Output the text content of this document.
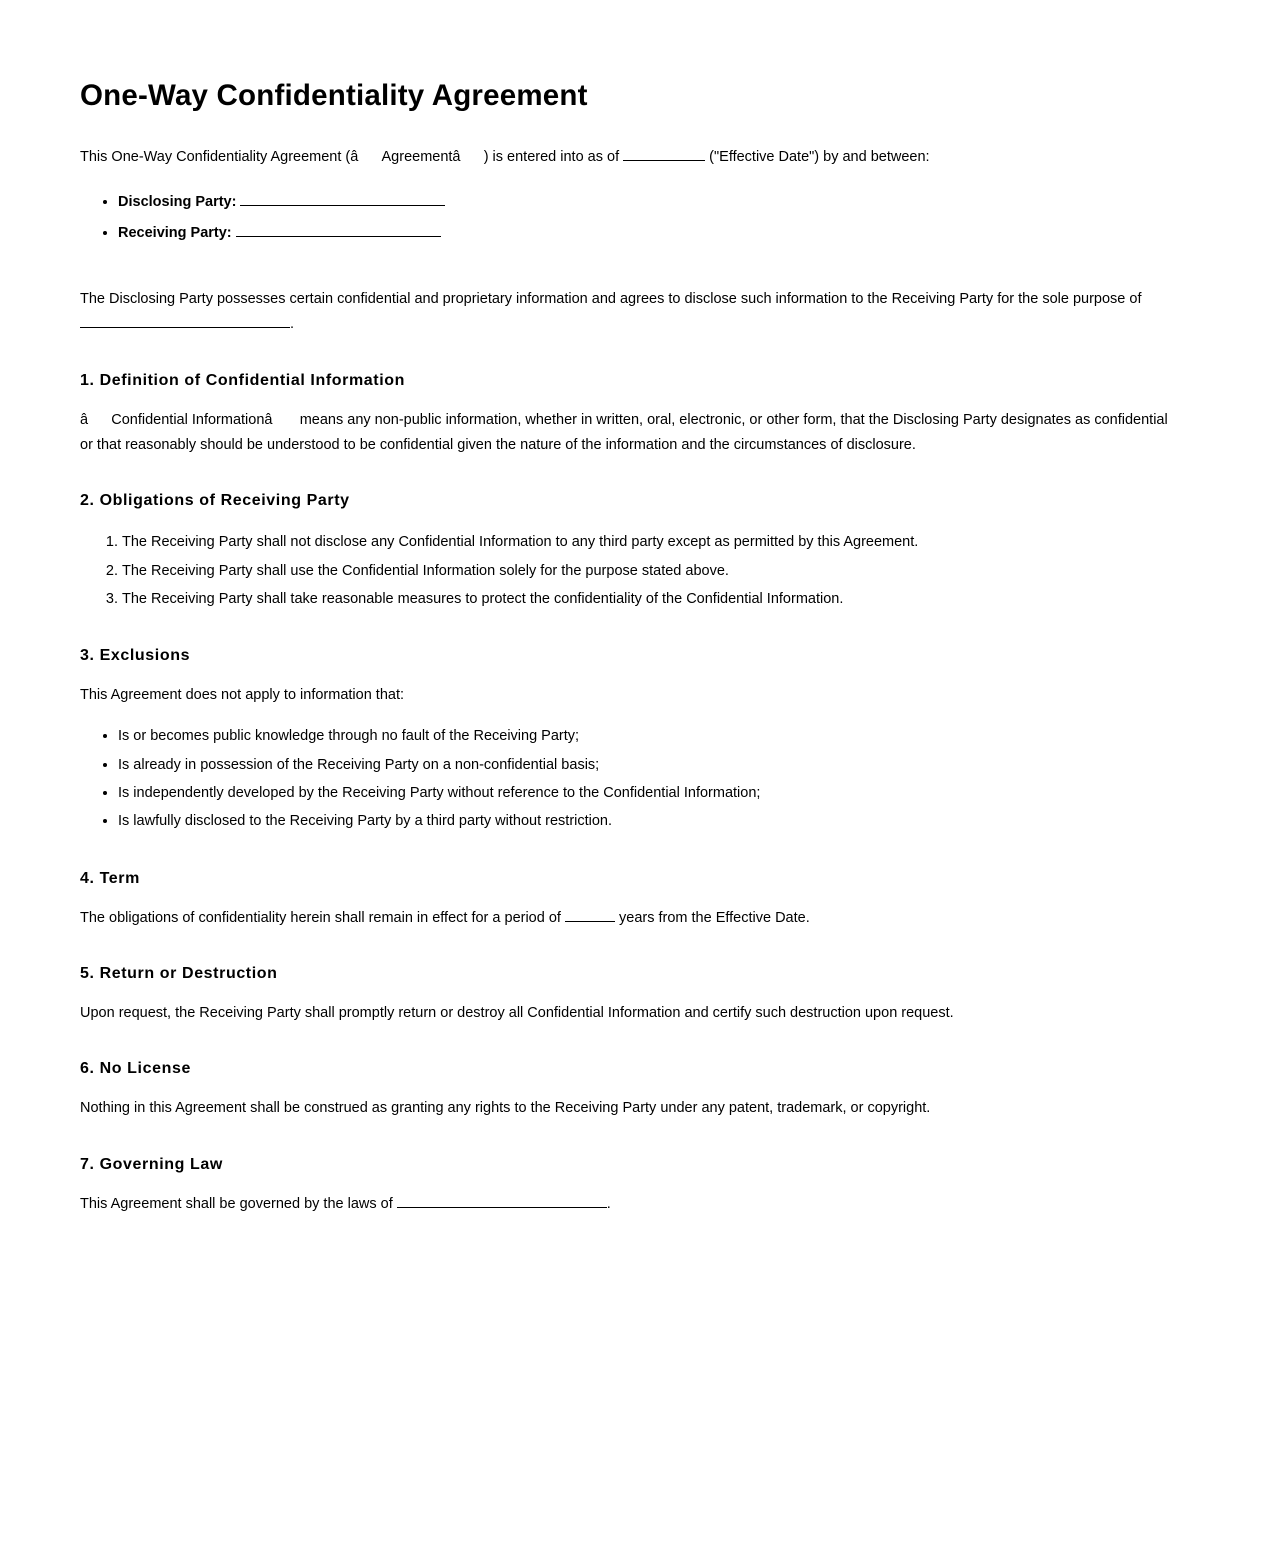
One-Way Confidentiality Agreement

This One-Way Confidentiality Agreement (âAgreementâ) is entered into as of	("Effective Date") by and between:

• Disclosing Party:
• Receiving Party:

The Disclosing Party possesses certain confidential and proprietary information and agrees to disclose such information to the Receiving Party for the sole purpose of .

1. Definition of Confidential Information

âConfidential Informationâ means any non-public information, whether in written, oral, electronic, or other form, that the Disclosing Party designates as confidential or that reasonably should be understood to be confidential given the nature of the information and the circumstances of disclosure.

2. Obligations of Receiving Party
1. The Receiving Party shall not disclose any Confidential Information to any third party except as permitted by this Agreement.
2. The Receiving Party shall use the Confidential Information solely for the purpose stated above.
3. The Receiving Party shall take reasonable measures to protect the confidentiality of the Confidential Information.
3. Exclusions

This Agreement does not apply to information that:

• Is or becomes public knowledge through no fault of the Receiving Party;
• Is already in possession of the Receiving Party on a non-confidential basis;
• Is independently developed by the Receiving Party without reference to the Confidential Information;
• Is lawfully disclosed to the Receiving Party by a third party without restriction.
4. Term

The obligations of confidentiality herein shall remain in effect for a period of	years from the Effective Date.

5. Return or Destruction

Upon request, the Receiving Party shall promptly return or destroy all Confidential Information and certify such destruction upon request.

6. No License

Nothing in this Agreement shall be construed as granting any rights to the Receiving Party under any patent, trademark, or copyright.

7. Governing Law

This Agreement shall be governed by the laws of	.
